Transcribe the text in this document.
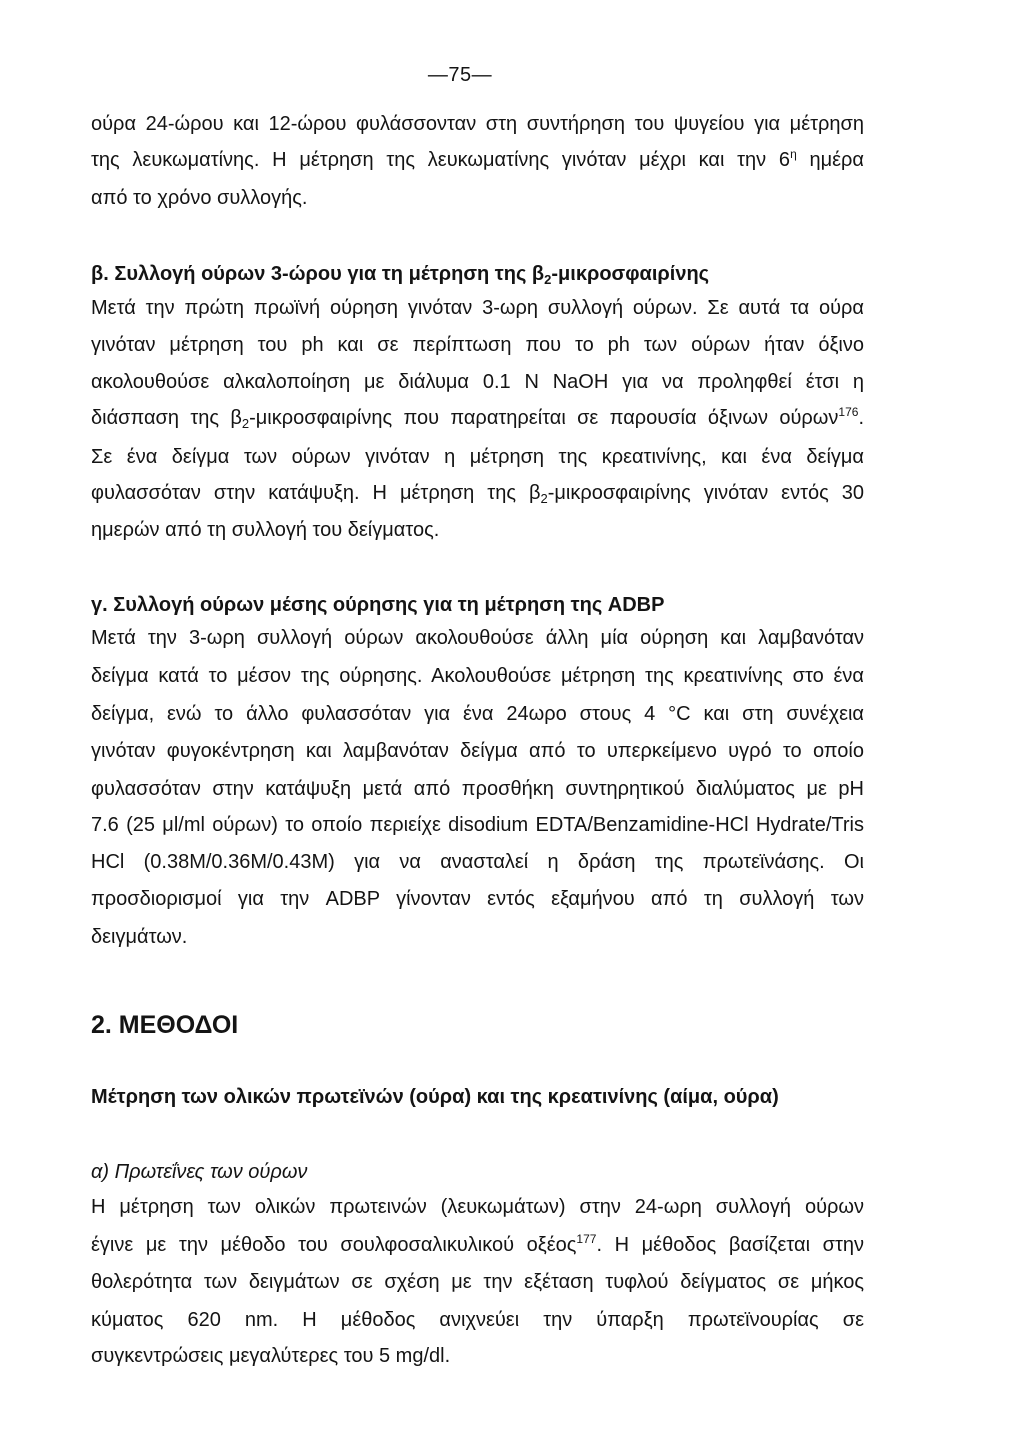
—75—
ούρα 24-ώρου και 12-ώρου φυλάσσονταν στη συντήρηση του ψυγείου για μέτρηση
της λευκωματίνης. Η μέτρηση της λευκωματίνης γινόταν μέχρι και την $6^\eta$ ημέρα
από το χρόνο συλλογής.
β. Συλλογή ούρων 3-ώρου για τη μέτρηση της $\beta_2$-μικροσφαιρίνης
Μετά την πρώτη πρωϊνή ούρηση γινόταν 3-ωρη συλλογή ούρων. Σε αυτά τα ούρα
γινόταν μέτρηση του ph και σε περίπτωση που το ph των ούρων ήταν όξινο
ακολουθούσε αλκαλοποίηση με διάλυμα 0.1 N NaOH για να προληφθεί έτσι η
διάσπαση της $\beta_2$-μικροσφαιρίνης που παρατηρείται σε παρουσία όξινων ούρων$^{176}$.
Σε ένα δείγμα των ούρων γινόταν η μέτρηση της κρεατινίνης, και ένα δείγμα
φυλασσόταν στην κατάψυξη. Η μέτρηση της $\beta_2$-μικροσφαιρίνης γινόταν εντός 30
ημερών από τη συλλογή του δείγματος.
γ. Συλλογή ούρων μέσης ούρησης για τη μέτρηση της ADBP
Μετά την 3-ωρη συλλογή ούρων ακολουθούσε άλλη μία ούρηση και λαμβανόταν
δείγμα κατά το μέσον της ούρησης. Ακολουθούσε μέτρηση της κρεατινίνης στο ένα
δείγμα, ενώ το άλλο φυλασσόταν για ένα 24ωρο στους 4 °C και στη συνέχεια
γινόταν φυγοκέντρηση και λαμβανόταν δείγμα από το υπερκείμενο υγρό το οποίο
φυλασσόταν στην κατάψυξη μετά από προσθήκη συντηρητικού διαλύματος με pH
7.6 (25 μl/ml ούρων) το οποίο περιείχε disodium EDTA/Benzamidine-HCl Hydrate/Tris
HCl (0.38M/0.36M/0.43M) για να ανασταλεί η δράση της πρωτεϊνάσης. Οι
προσδιορισμοί για την ADBP γίνονταν εντός εξαμήνου από τη συλλογή των
δειγμάτων.
2. ΜΕΘΟΔΟΙ
Μέτρηση των ολικών πρωτεϊνών (ούρα) και της κρεατινίνης (αίμα, ούρα)
α) Πρωτεΐνες των ούρων
Η μέτρηση των ολικών πρωτεινών (λευκωμάτων) στην 24-ωρη συλλογή ούρων
έγινε με την μέθοδο του σουλφοσαλικυλικού οξέος$^{177}$. Η μέθοδος βασίζεται στην
θολερότητα των δειγμάτων σε σχέση με την εξέταση τυφλού δείγματος σε μήκος
κύματος 620 nm. Η μέθοδος ανιχνεύει την ύπαρξη πρωτεϊνουρίας σε
συγκεντρώσεις μεγαλύτερες του 5 mg/dl.
